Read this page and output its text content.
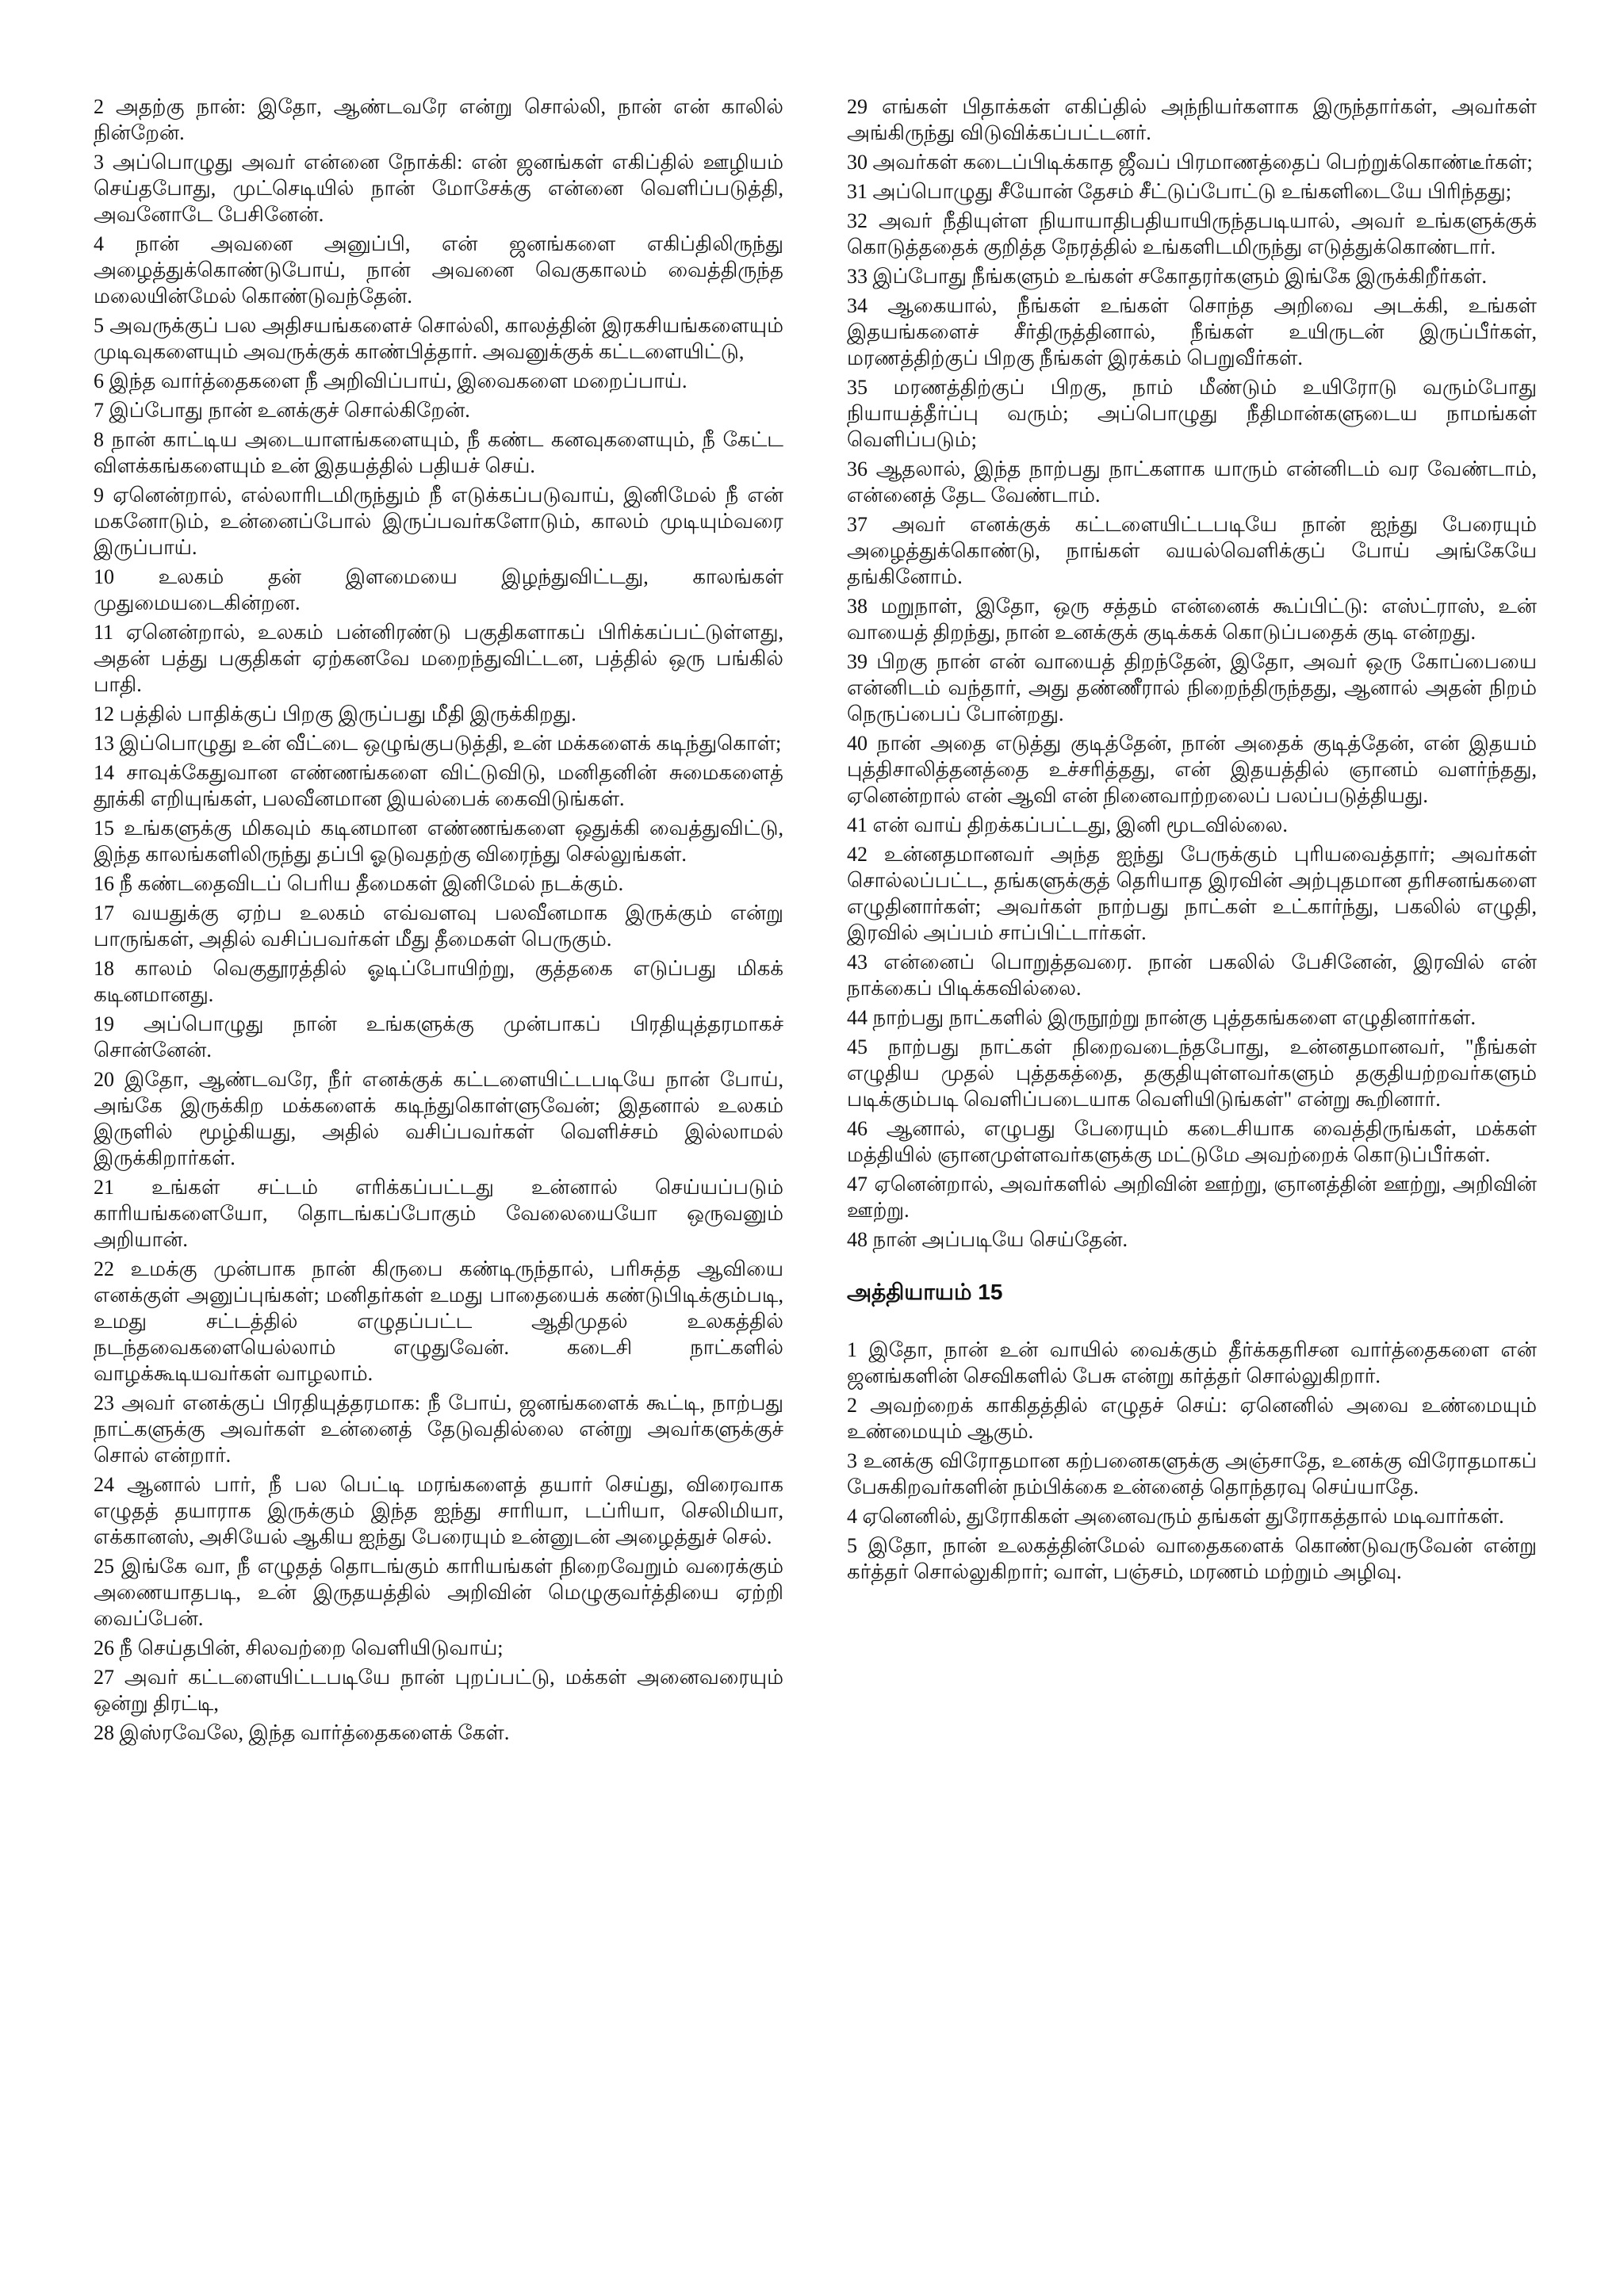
2 அதற்கு நான்: இதோ, ஆண்டவரே என்று சொல்லி, நான் என் காலில் நின்றேன்.

3 அப்பொழுது அவர் என்னை நோக்கி: என் ஜனங்கள் எகிப்தில் ஊழியம் செய்தபோது, முட்செடியில் நான் மோசேக்கு என்னை வெளிப்படுத்தி, அவனோடே பேசினேன்.

4 நான் அவனை அனுப்பி, என் ஜனங்களை எகிப்திலிருந்து அழைத்துக்கொண்டுபோய், நான் அவனை வெகுகாலம் வைத்திருந்த மலையின்மேல் கொண்டுவந்தேன்.

5 அவருக்குப் பல அதிசயங்களைச் சொல்லி, காலத்தின் இரகசியங்களையும் முடிவுகளையும் அவருக்குக் காண்பித்தார். அவனுக்குக் கட்டளையிட்டு,

6 இந்த வார்த்தைகளை நீ அறிவிப்பாய், இவைகளை மறைப்பாய்.

7 இப்போது நான் உனக்குச் சொல்கிறேன்.

8 நான் காட்டிய அடையாளங்களையும், நீ கண்ட கனவுகளையும், நீ கேட்ட விளக்கங்களையும் உன் இதயத்தில் பதியச் செய்.

9 ஏனென்றால், எல்லாரிடமிருந்தும் நீ எடுக்கப்படுவாய், இனிமேல் நீ என் மகனோடும், உன்னைப்போல் இருப்பவர்களோடும், காலம் முடியும்வரை இருப்பாய்.

10 உலகம் தன் இளமையை இழந்துவிட்டது, காலங்கள் முதுமையடைகின்றன.

11 ஏனென்றால், உலகம் பன்னிரண்டு பகுதிகளாகப் பிரிக்கப்பட்டுள்ளது, அதன் பத்து பகுதிகள் ஏற்கனவே மறைந்துவிட்டன, பத்தில் ஒரு பங்கில் பாதி.

12 பத்தில் பாதிக்குப் பிறகு இருப்பது மீதி இருக்கிறது.

13 இப்பொழுது உன் வீட்டை ஒழுங்குபடுத்தி, உன் மக்களைக் கடிந்துகொள்;

14 சாவுக்கேதுவான எண்ணங்களை விட்டுவிடு, மனிதனின் சுமைகளைத் தூக்கி எறியுங்கள், பலவீனமான இயல்பைக் கைவிடுங்கள்.

15 உங்களுக்கு மிகவும் கடினமான எண்ணங்களை ஒதுக்கி வைத்துவிட்டு, இந்த காலங்களிலிருந்து தப்பி ஓடுவதற்கு விரைந்து செல்லுங்கள்.

16 நீ கண்டதைவிடப் பெரிய தீமைகள் இனிமேல் நடக்கும்.

17 வயதுக்கு ஏற்ப உலகம் எவ்வளவு பலவீனமாக இருக்கும் என்று பாருங்கள், அதில் வசிப்பவர்கள் மீது தீமைகள் பெருகும்.

18 காலம் வெகுதூரத்தில் ஓடிப்போயிற்று, குத்தகை எடுப்பது மிகக் கடினமானது.

19 அப்பொழுது நான் உங்களுக்கு முன்பாகப் பிரதியுத்தரமாகச் சொன்னேன்.

20 இதோ, ஆண்டவரே, நீர் எனக்குக் கட்டளையிட்டபடியே நான் போய், அங்கே இருக்கிற மக்களைக் கடிந்துகொள்ளுவேன்; இதனால் உலகம் இருளில் மூழ்கியது, அதில் வசிப்பவர்கள் வெளிச்சம் இல்லாமல் இருக்கிறார்கள்.

21 உங்கள் சட்டம் எரிக்கப்பட்டது உன்னால் செய்யப்படும் காரியங்களையோ, தொடங்கப்போகும் வேலையையோ ஒருவனும் அறியான்.

22 உமக்கு முன்பாக நான் கிருபை கண்டிருந்தால், பரிசுத்த ஆவியை எனக்குள் அனுப்புங்கள்; மனிதர்கள் உமது பாதையைக் கண்டுபிடிக்கும்படி, உமது சட்டத்தில் எழுதப்பட்ட ஆதிமுதல் உலகத்தில் நடந்தவைகளையெல்லாம் எழுதுவேன். கடைசி நாட்களில் வாழக்கூடியவர்கள் வாழலாம்.

23 அவர் எனக்குப் பிரதியுத்தரமாக: நீ போய், ஜனங்களைக் கூட்டி, நாற்பது நாட்களுக்கு அவர்கள் உன்னைத் தேடுவதில்லை என்று அவர்களுக்குச் சொல் என்றார்.

24 ஆனால் பார், நீ பல பெட்டி மரங்களைத் தயார் செய்து, விரைவாக எழுதத் தயாராக இருக்கும் இந்த ஐந்து சாரியா, டப்ரியா, செலிமியா, எக்கானஸ், அசியேல் ஆகிய ஐந்து பேரையும் உன்னுடன் அழைத்துச் செல்.

25 இங்கே வா, நீ எழுதத் தொடங்கும் காரியங்கள் நிறைவேறும் வரைக்கும் அணையாதபடி, உன் இருதயத்தில் அறிவின் மெழுகுவர்த்தியை ஏற்றி வைப்பேன்.

26 நீ செய்தபின், சிலவற்றை வெளியிடுவாய்;

27 அவர் கட்டளையிட்டபடியே நான் புறப்பட்டு, மக்கள் அனைவரையும் ஒன்று திரட்டி,

28 இஸ்ரவேலே, இந்த வார்த்தைகளைக் கேள்.

29 எங்கள் பிதாக்கள் எகிப்தில் அந்நியர்களாக இருந்தார்கள், அவர்கள் அங்கிருந்து விடுவிக்கப்பட்டனர்.

30 அவர்கள் கடைப்பிடிக்காத ஜீவப் பிரமாணத்தைப் பெற்றுக்கொண்டீர்கள்;

31 அப்பொழுது சீயோன் தேசம் சீட்டுப்போட்டு உங்களிடையே பிரிந்தது;

32 அவர் நீதியுள்ள நியாயாதிபதியாயிருந்தபடியால், அவர் உங்களுக்குக் கொடுத்ததைக் குறித்த நேரத்தில் உங்களிடமிருந்து எடுத்துக்கொண்டார்.

33 இப்போது நீங்களும் உங்கள் சகோதரர்களும் இங்கே இருக்கிறீர்கள்.

34 ஆகையால், நீங்கள் உங்கள் சொந்த அறிவை அடக்கி, உங்கள் இதயங்களைச் சீர்திருத்தினால், நீங்கள் உயிருடன் இருப்பீர்கள், மரணத்திற்குப் பிறகு நீங்கள் இரக்கம் பெறுவீர்கள்.

35 மரணத்திற்குப் பிறகு, நாம் மீண்டும் உயிரோடு வரும்போது நியாயத்தீர்ப்பு வரும்; அப்பொழுது நீதிமான்களுடைய நாமங்கள் வெளிப்படும்;

36 ஆதலால், இந்த நாற்பது நாட்களாக யாரும் என்னிடம் வர வேண்டாம், என்னைத் தேட வேண்டாம்.

37 அவர் எனக்குக் கட்டளையிட்டபடியே நான் ஐந்து பேரையும் அழைத்துக்கொண்டு, நாங்கள் வயல்வெளிக்குப் போய் அங்கேயே தங்கினோம்.

38 மறுநாள், இதோ, ஒரு சத்தம் என்னைக் கூப்பிட்டு: எஸ்ட்ராஸ், உன் வாயைத் திறந்து, நான் உனக்குக் குடிக்கக் கொடுப்பதைக் குடி என்றது.

39 பிறகு நான் என் வாயைத் திறந்தேன், இதோ, அவர் ஒரு கோப்பையை என்னிடம் வந்தார், அது தண்ணீரால் நிறைந்திருந்தது, ஆனால் அதன் நிறம் நெருப்பைப் போன்றது.

40 நான் அதை எடுத்து குடித்தேன், நான் அதைக் குடித்தேன், என் இதயம் புத்திசாலித்தனத்தை உச்சரித்தது, என் இதயத்தில் ஞானம் வளர்ந்தது, ஏனென்றால் என் ஆவி என் நினைவாற்றலைப் பலப்படுத்தியது.

41 என் வாய் திறக்கப்பட்டது, இனி மூடவில்லை.

42 உன்னதமானவர் அந்த ஐந்து பேருக்கும் புரியவைத்தார்; அவர்கள் சொல்லப்பட்ட, தங்களுக்குத் தெரியாத இரவின் அற்புதமான தரிசனங்களை எழுதினார்கள்; அவர்கள் நாற்பது நாட்கள் உட்கார்ந்து, பகலில் எழுதி, இரவில் அப்பம் சாப்பிட்டார்கள்.

43 என்னைப் பொறுத்தவரை. நான் பகலில் பேசினேன், இரவில் என் நாக்கைப் பிடிக்கவில்லை.

44 நாற்பது நாட்களில் இருநூற்று நான்கு புத்தகங்களை எழுதினார்கள்.

45 நாற்பது நாட்கள் நிறைவடைந்தபோது, உன்னதமானவர், "நீங்கள் எழுதிய முதல் புத்தகத்தை, தகுதியுள்ளவர்களும் தகுதியற்றவர்களும் படிக்கும்படி வெளிப்படையாக வெளியிடுங்கள்" என்று கூறினார்.

46 ஆனால், எழுபது பேரையும் கடைசியாக வைத்திருங்கள், மக்கள் மத்தியில் ஞானமுள்ளவர்களுக்கு மட்டுமே அவற்றைக் கொடுப்பீர்கள்.

47 ஏனென்றால், அவர்களில் அறிவின் ஊற்று, ஞானத்தின் ஊற்று, அறிவின் ஊற்று.

48 நான் அப்படியே செய்தேன்.

அத்தியாயம் 15

1 இதோ, நான் உன் வாயில் வைக்கும் தீர்க்கதரிசன வார்த்தைகளை என் ஜனங்களின் செவிகளில் பேசு என்று கர்த்தர் சொல்லுகிறார்.

2 அவற்றைக் காகிதத்தில் எழுதச் செய்: ஏனெனில் அவை உண்மையும் உண்மையும் ஆகும்.

3 உனக்கு விரோதமான கற்பனைகளுக்கு அஞ்சாதே, உனக்கு விரோதமாகப் பேசுகிறவர்களின் நம்பிக்கை உன்னைத் தொந்தரவு செய்யாதே.

4 ஏனெனில், துரோகிகள் அனைவரும் தங்கள் துரோகத்தால் மடிவார்கள்.

5 இதோ, நான் உலகத்தின்மேல் வாதைகளைக் கொண்டுவருவேன் என்று கர்த்தர் சொல்லுகிறார்; வாள், பஞ்சம், மரணம் மற்றும் அழிவு.
